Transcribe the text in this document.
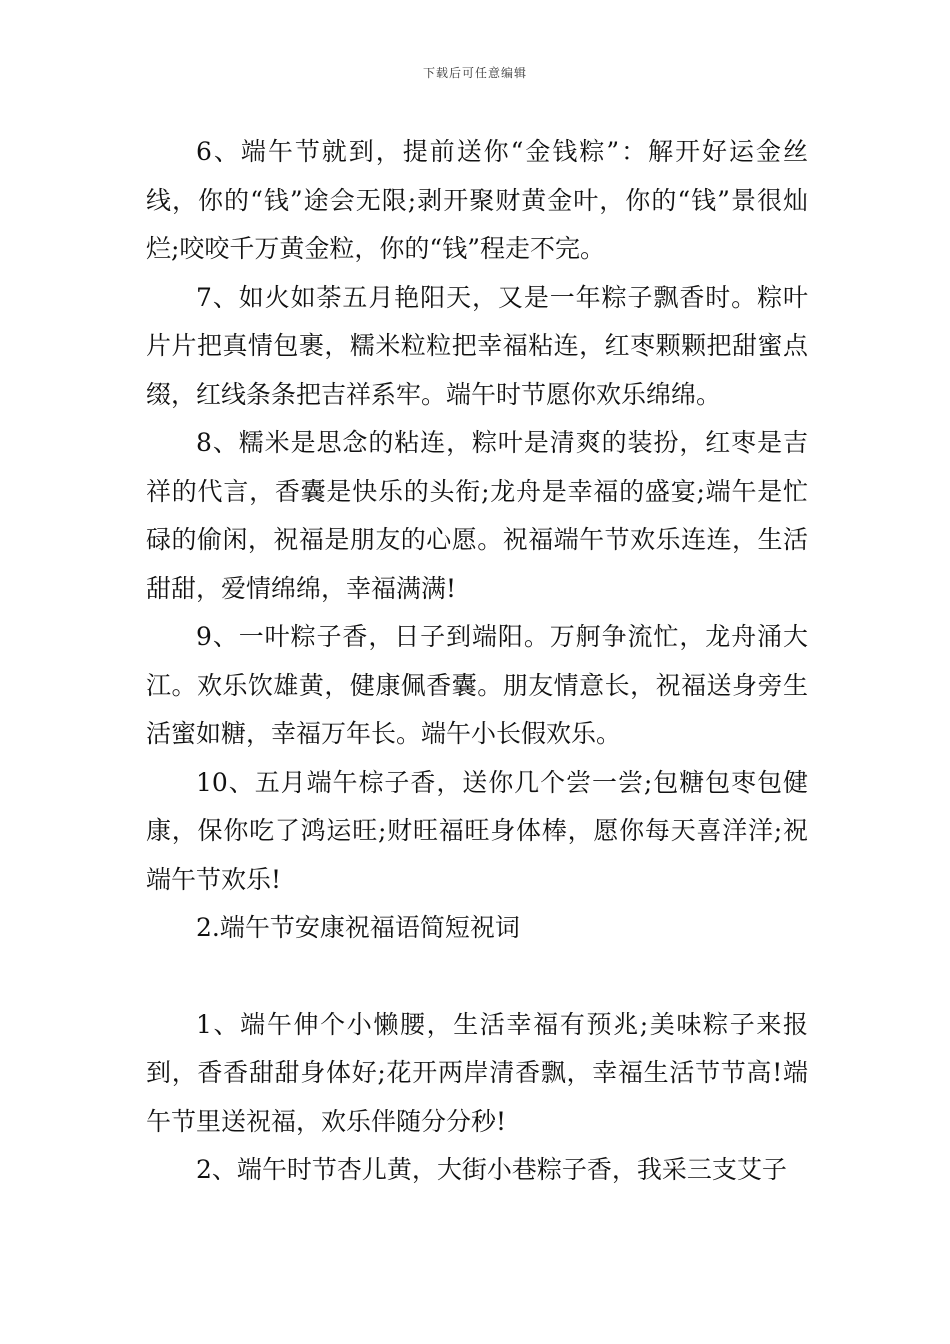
下载后可任意编辑

6、端午节就到，提前送你“金钱粽”：解开好运金丝线，你的“钱”途会无限;剥开聚财黄金叶，你的“钱”景很灿烂;咬咬千万黄金粒，你的“钱”程走不完。

7、如火如荼五月艳阳天，又是一年粽子飘香时。粽叶片片把真情包裹，糯米粒粒把幸福粘连，红枣颗颗把甜蜜点缀，红线条条把吉祥系牢。端午时节愿你欢乐绵绵。

8、糯米是思念的粘连，粽叶是清爽的装扮，红枣是吉祥的代言，香囊是快乐的头衔;龙舟是幸福的盛宴;端午是忙碌的偷闲，祝福是朋友的心愿。祝福端午节欢乐连连，生活甜甜，爱情绵绵，幸福满满!

9、一叶粽子香，日子到端阳。万舸争流忙，龙舟涌大江。欢乐饮雄黄，健康佩香囊。朋友情意长，祝福送身旁生活蜜如糖，幸福万年长。端午小长假欢乐。

10、五月端午棕子香，送你几个尝一尝;包糖包枣包健康，保你吃了鸿运旺;财旺福旺身体棒，愿你每天喜洋洋;祝端午节欢乐!

2.端午节安康祝福语简短祝词

1、端午伸个小懒腰，生活幸福有预兆;美味粽子来报到，香香甜甜身体好;花开两岸清香飘，幸福生活节节高!端午节里送祝福，欢乐伴随分分秒!

2、端午时节杏儿黄，大街小巷粽子香，我采三支艾子
